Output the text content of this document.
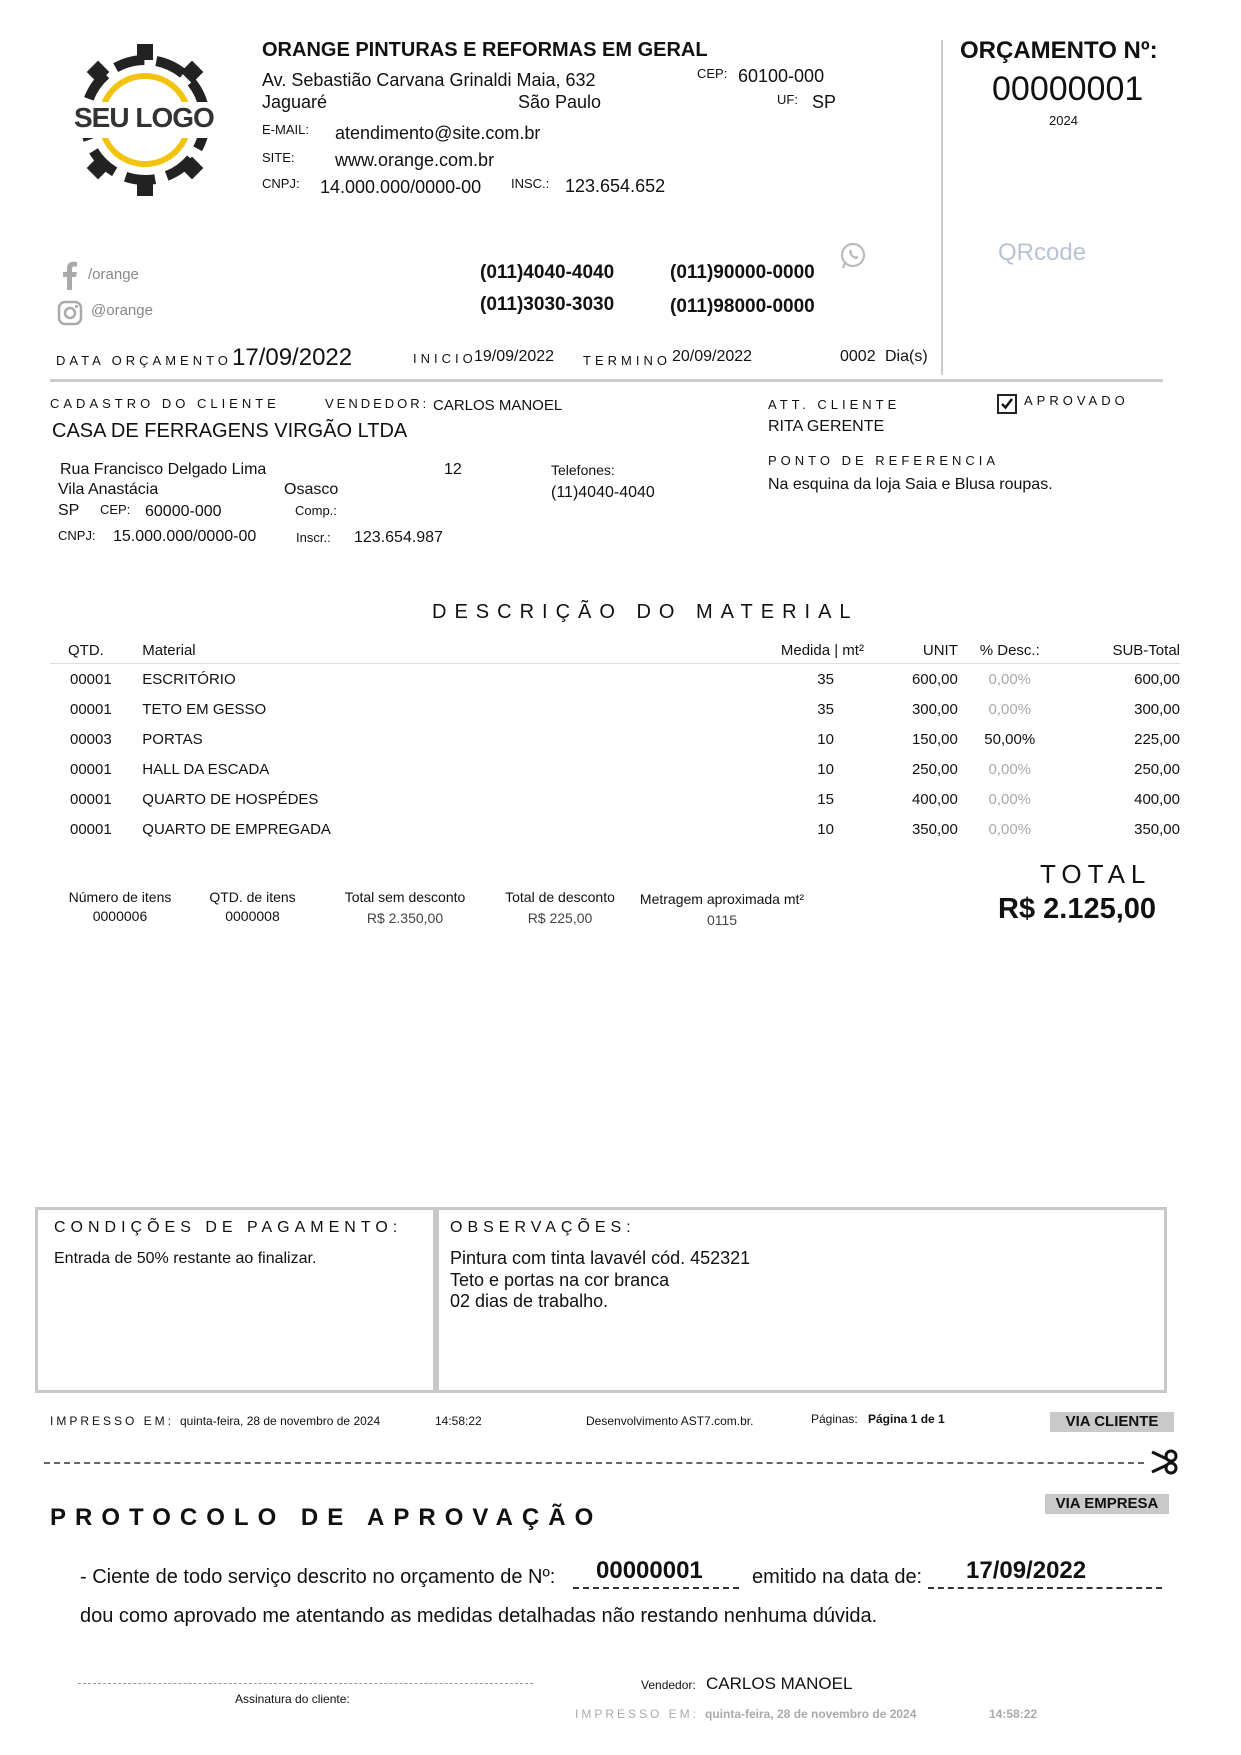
SEU LOGO
ORANGE PINTURAS E REFORMAS EM GERAL
Av. Sebastião Carvana Grinaldi Maia, 632
Jaguaré	São Paulo
CEP: 60100-000
UF: SP
E-MAIL: atendimento@site.com.br
SITE: www.orange.com.br
CNPJ: 14.000.000/0000-00 INSC.: 123.654.652
ORÇAMENTO Nº:
00000001
2024
QRcode
/orange
@orange
(011)4040-4040	(011)90000-0000
(011)3030-3030	(011)98000-0000
DATA ORÇAMENTO 17/09/2022	INICIO
19/09/2022 TERMINO 20/09/2022	0002 Dia(s)
CADASTRO DO CLIENTE	VENDEDOR: CARLOS MANOEL
CASA DE FERRAGENS VIRGÃO LTDA
Rua Francisco Delgado Lima	12
Vila Anastácia	Osasco
SP CEP: 60000-000	Comp.:
CNPJ: 15.000.000/0000-00	Inscr.: 123.654.987
Telefones:
(11)4040-4040
ATT. CLIENTE
RITA GERENTE
APROVADO
PONTO DE REFERENCIA
Na esquina da loja Saia e Blusa roupas.
DESCRIÇÃO DO MATERIAL
QTD.	Material	Medida | mt²	UNIT	% Desc.:	SUB-Total
00001	ESCRITÓRIO	35	600,00	0,00%	600,00
00001	TETO EM GESSO	35	300,00	0,00%	300,00
00003	PORTAS	10	150,00	50,00%	225,00
00001	HALL DA ESCADA	10	250,00	0,00%	250,00
00001	QUARTO DE HOSPÉDES	15	400,00	0,00%	400,00
00001	QUARTO DE EMPREGADA	10	350,00	0,00%	350,00
Número de itens
0000006
QTD. de itens
0000008
Total sem desconto
R$ 2.350,00
Total de desconto
R$ 225,00
Metragem aproximada mt²
0115
TOTAL
R$ 2.125,00
CONDIÇÕES DE PAGAMENTO:
Entrada de 50% restante ao finalizar.
OBSERVAÇÕES:
Pintura com tinta lavavél cód. 452321
Teto e portas na cor branca
02 dias de trabalho.
IMPRESSO EM: quinta-feira, 28 de novembro de 2024	14:58:22	Desenvolvimento AST7.com.br.	Páginas: Página 1 de 1	VIA CLIENTE
VIA EMPRESA
PROTOCOLO DE APROVAÇÃO
- Ciente de todo serviço descrito no orçamento de Nº: 00000001 emitido na data de: 17/09/2022
dou como aprovado me atentando as medidas detalhadas não restando nenhuma dúvida.
Assinatura do cliente:
Vendedor: CARLOS MANOEL
IMPRESSO EM: quinta-feira, 28 de novembro de 2024	14:58:22
